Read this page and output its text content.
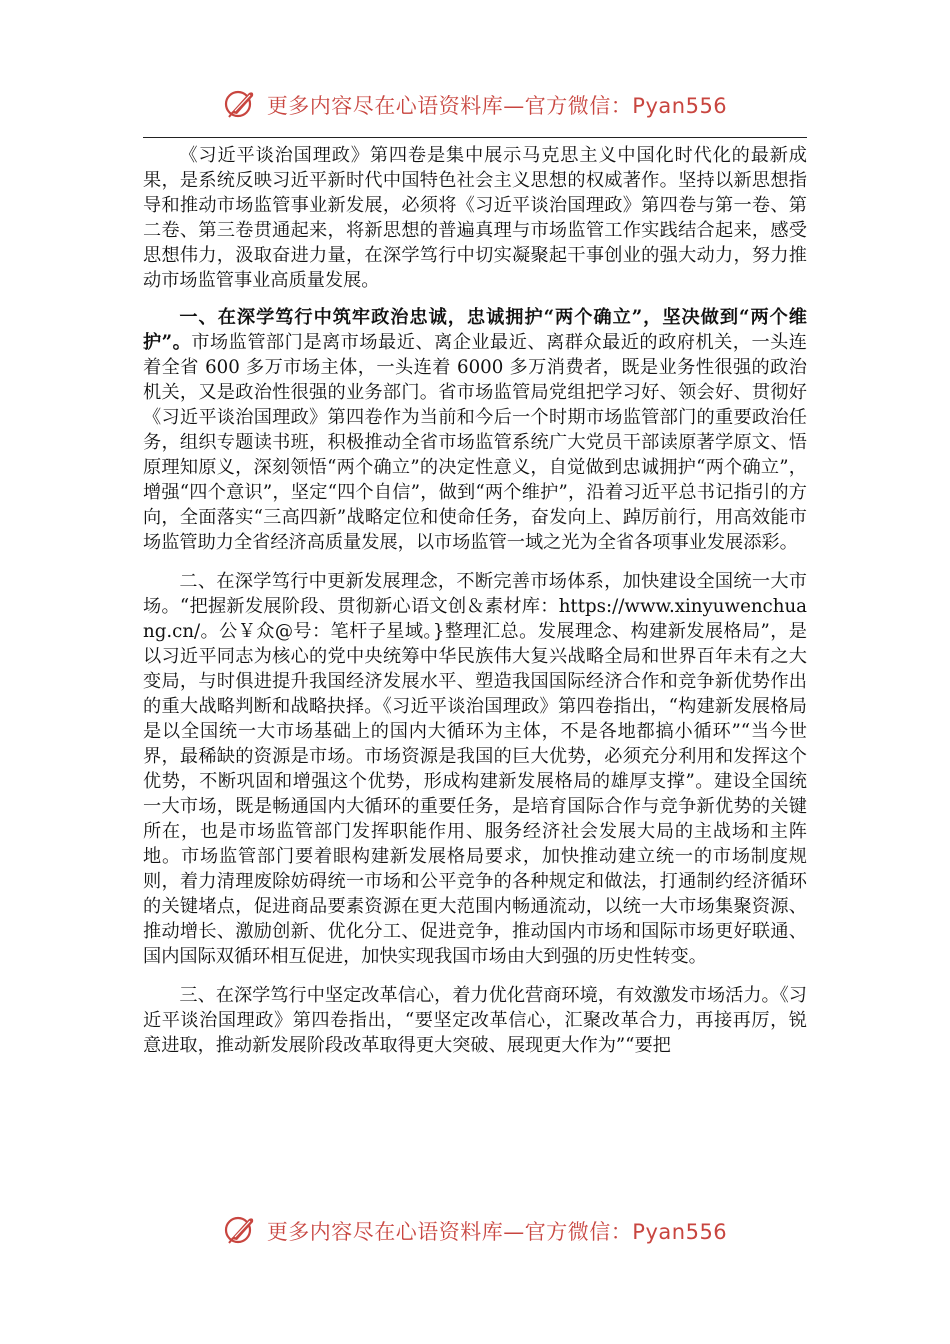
更多内容尽在心语资料库—官方微信：Pyan556

《习近平谈治国理政》第四卷是集中展示马克思主义中国化时代化的最新成果，是系统反映习近平新时代中国特色社会主义思想的权威著作。坚持以新思想指导和推动市场监管事业新发展，必须将《习近平谈治国理政》第四卷与第一卷、第二卷、第三卷贯通起来，将新思想的普遍真理与市场监管工作实践结合起来，感受思想伟力，汲取奋进力量，在深学笃行中切实凝聚起干事创业的强大动力，努力推动市场监管事业高质量发展。

一、在深学笃行中筑牢政治忠诚，忠诚拥护“两个确立”，坚决做到“两个维护”。市场监管部门是离市场最近、离企业最近、离群众最近的政府机关，一头连着全省 600 多万市场主体，一头连着 6000 多万消费者，既是业务性很强的政治机关，又是政治性很强的业务部门。省市场监管局党组把学习好、领会好、贯彻好《习近平谈治国理政》第四卷作为当前和今后一个时期市场监管部门的重要政治任务，组织专题读书班，积极推动全省市场监管系统广大党员干部读原著学原文、悟原理知原义，深刻领悟“两个确立”的决定性意义，自觉做到忠诚拥护“两个确立”，增强“四个意识”，坚定“四个自信”，做到“两个维护”，沿着习近平总书记指引的方向，全面落实“三高四新”战略定位和使命任务，奋发向上、踔厉前行，用高效能市场监管助力全省经济高质量发展，以市场监管一域之光为全省各项事业发展添彩。

二、在深学笃行中更新发展理念，不断完善市场体系，加快建设全国统一大市场。“把握新发展阶段、贯彻新心语文创＆素材库：https://www.xinyuwenchuang.cn/。公￥众@号：笔杆子星域。}整理汇总。发展理念、构建新发展格局”，是以习近平同志为核心的党中央统筹中华民族伟大复兴战略全局和世界百年未有之大变局，与时俱进提升我国经济发展水平、塑造我国国际经济合作和竞争新优势作出的重大战略判断和战略抉择。《习近平谈治国理政》第四卷指出，“构建新发展格局是以全国统一大市场基础上的国内大循环为主体，不是各地都搞小循环”“当今世界，最稀缺的资源是市场。市场资源是我国的巨大优势，必须充分利用和发挥这个优势，不断巩固和增强这个优势，形成构建新发展格局的雄厚支撑”。建设全国统一大市场，既是畅通国内大循环的重要任务，是培育国际合作与竞争新优势的关键所在，也是市场监管部门发挥职能作用、服务经济社会发展大局的主战场和主阵地。市场监管部门要着眼构建新发展格局要求，加快推动建立统一的市场制度规则，着力清理废除妨碍统一市场和公平竞争的各种规定和做法，打通制约经济循环的关键堵点，促进商品要素资源在更大范围内畅通流动，以统一大市场集聚资源、推动增长、激励创新、优化分工、促进竞争，推动国内市场和国际市场更好联通、国内国际双循环相互促进，加快实现我国市场由大到强的历史性转变。

三、在深学笃行中坚定改革信心，着力优化营商环境，有效激发市场活力。《习近平谈治国理政》第四卷指出，“要坚定改革信心，汇聚改革合力，再接再厉，锐意进取，推动新发展阶段改革取得更大突破、展现更大作为”“要把

更多内容尽在心语资料库—官方微信：Pyan556
